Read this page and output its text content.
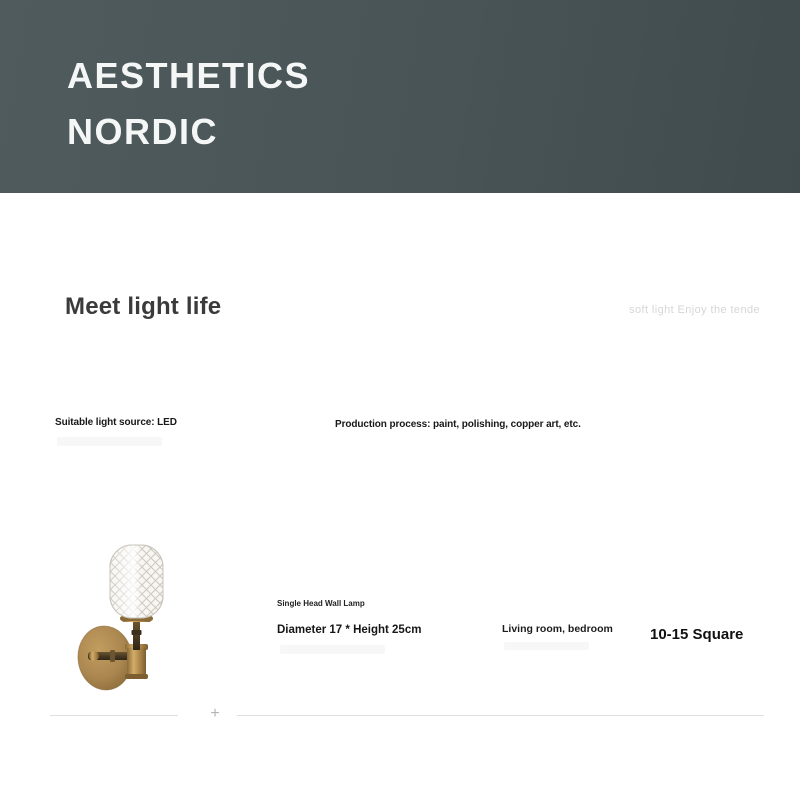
AESTHETICS
NORDIC
Meet light life	soft light Enjoy the tende
Suitable light source: LED	Production process: paint, polishing, copper art, etc.
Single Head Wall Lamp
Diameter 17 * Height 25cm	Living room, bedroom 10-15 Square
+
